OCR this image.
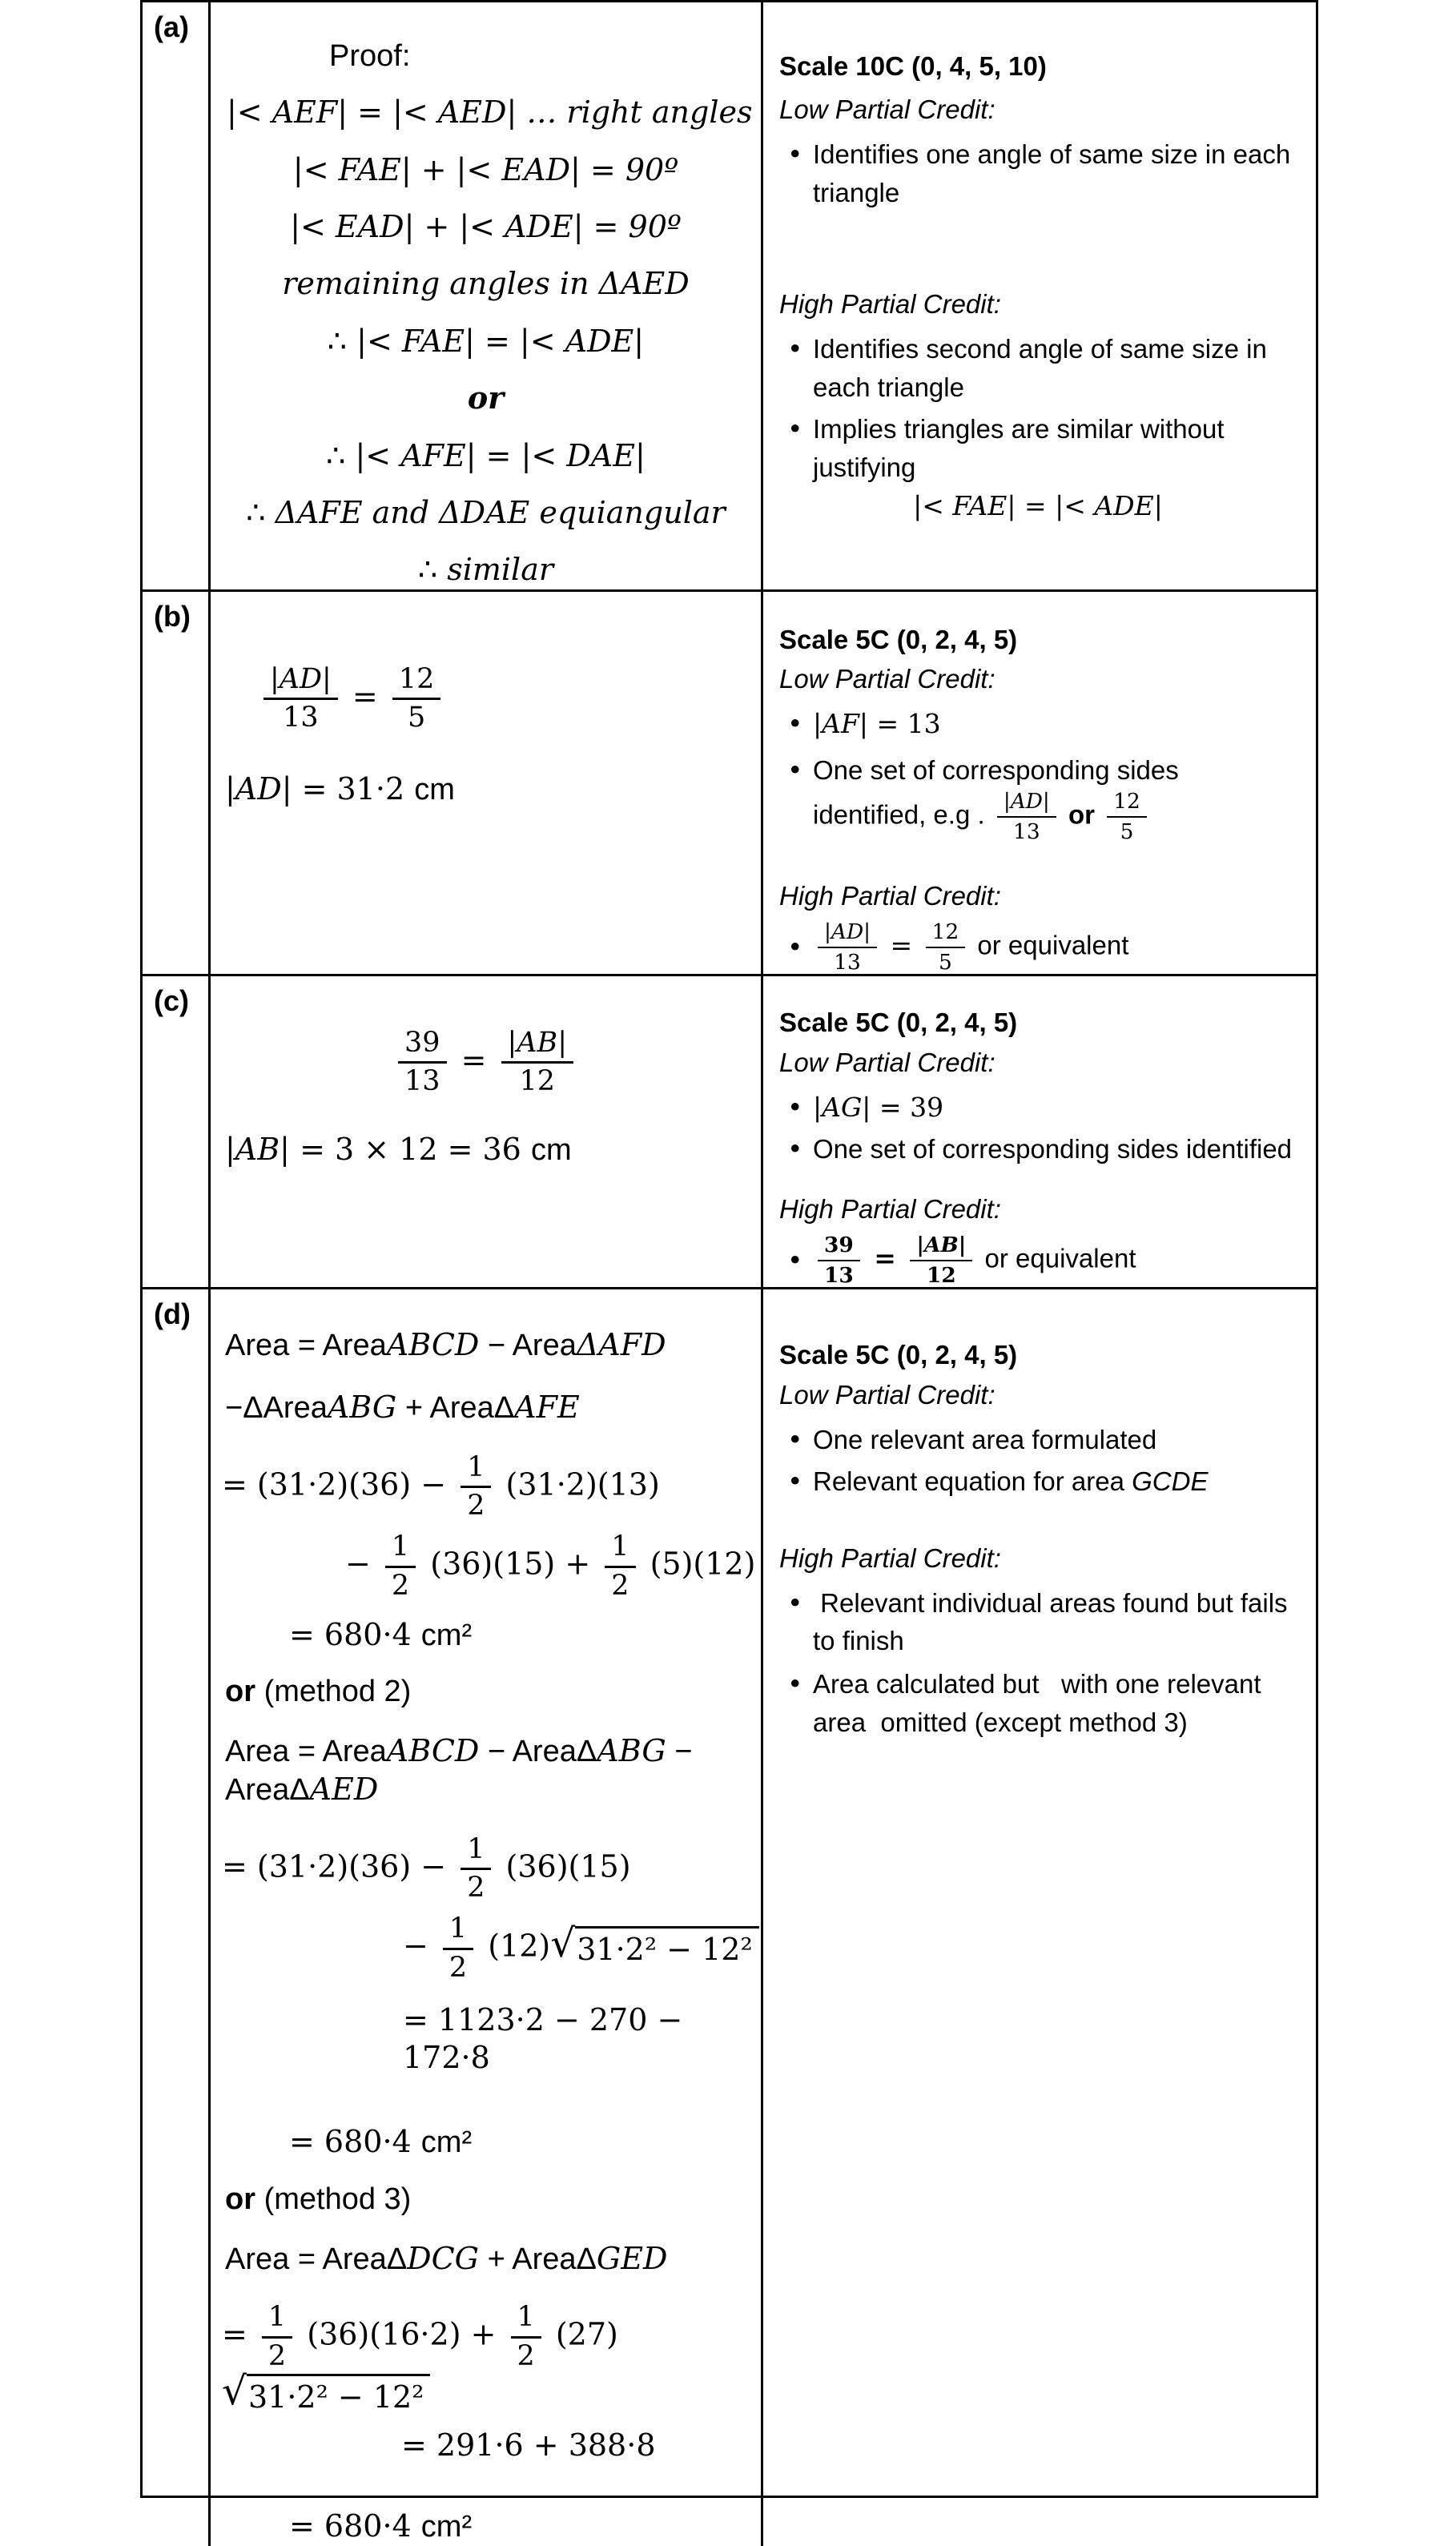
(a)
Proof:
|< AEF| = |< AED| … right angles
|< FAE| + |< EAD| = 90º
|< EAD| + |< ADE| = 90º
remaining angles in ΔAED
∴ |< FAE| = |< ADE|
or
∴ |< AFE| = |< DAE|
∴ ΔAFE and ΔDAE equiangular
∴ similar
Scale 10C (0, 4, 5, 10)
Low Partial Credit:
• Identifies one angle of same size in each triangle
High Partial Credit:
• Identifies second angle of same size in each triangle
• Implies triangles are similar without justifying
|< FAE| = |< ADE|
(b)
$\frac{|AD|}{13} = \frac{12}{5}$
|AD| = 31·2 cm
Scale 5C (0, 2, 4, 5)
Low Partial Credit:
• |AF| = 13
• One set of corresponding sides identified, e.g . $\frac{|AD|}{13}$ or $\frac{12}{5}$
High Partial Credit:
• $\frac{|AD|}{13} = \frac{12}{5}$ or equivalent
(c)
$\frac{39}{13} = \frac{|AB|}{12}$
|AB| = 3 × 12 = 36 cm
Scale 5C (0, 2, 4, 5)
Low Partial Credit:
• |AG| = 39
• One set of corresponding sides identified
High Partial Credit:
• $\frac{39}{13} = \frac{|AB|}{12}$ or equivalent
(d)
Area = AreaABCD − AreaΔAFD
−ΔAreaABG + AreaΔAFE
= $(31\cdot 2)(36) - \frac{1}{2} (31\cdot 2)(13)$
− $\frac{1}{2} (36)(15) + \frac{1}{2} (5)(12)$
= 680·4 cm²
or (method 2)
Area = AreaABCD − AreaΔABG − AreaΔAED
= $(31\cdot 2)(36) - \frac{1}{2} (36)(15)$
− $\frac{1}{2} (12)$ √ 31·2² − 12²
= 1123·2 − 270 − 172·8
= 680·4 cm²
or (method 3)
Area = AreaΔDCG + AreaΔGED
= $\frac{1}{2} (36)(16\cdot 2) + \frac{1}{2} (27)$
√ 31·2² − 12²
= 291·6 + 388·8
= 680·4 cm²
Scale 5C (0, 2, 4, 5)
Low Partial Credit:
• One relevant area formulated
• Relevant equation for area GCDE
High Partial Credit:
• Relevant individual areas found but fails to finish
• Area calculated but   with one relevant area  omitted (except method 3)
